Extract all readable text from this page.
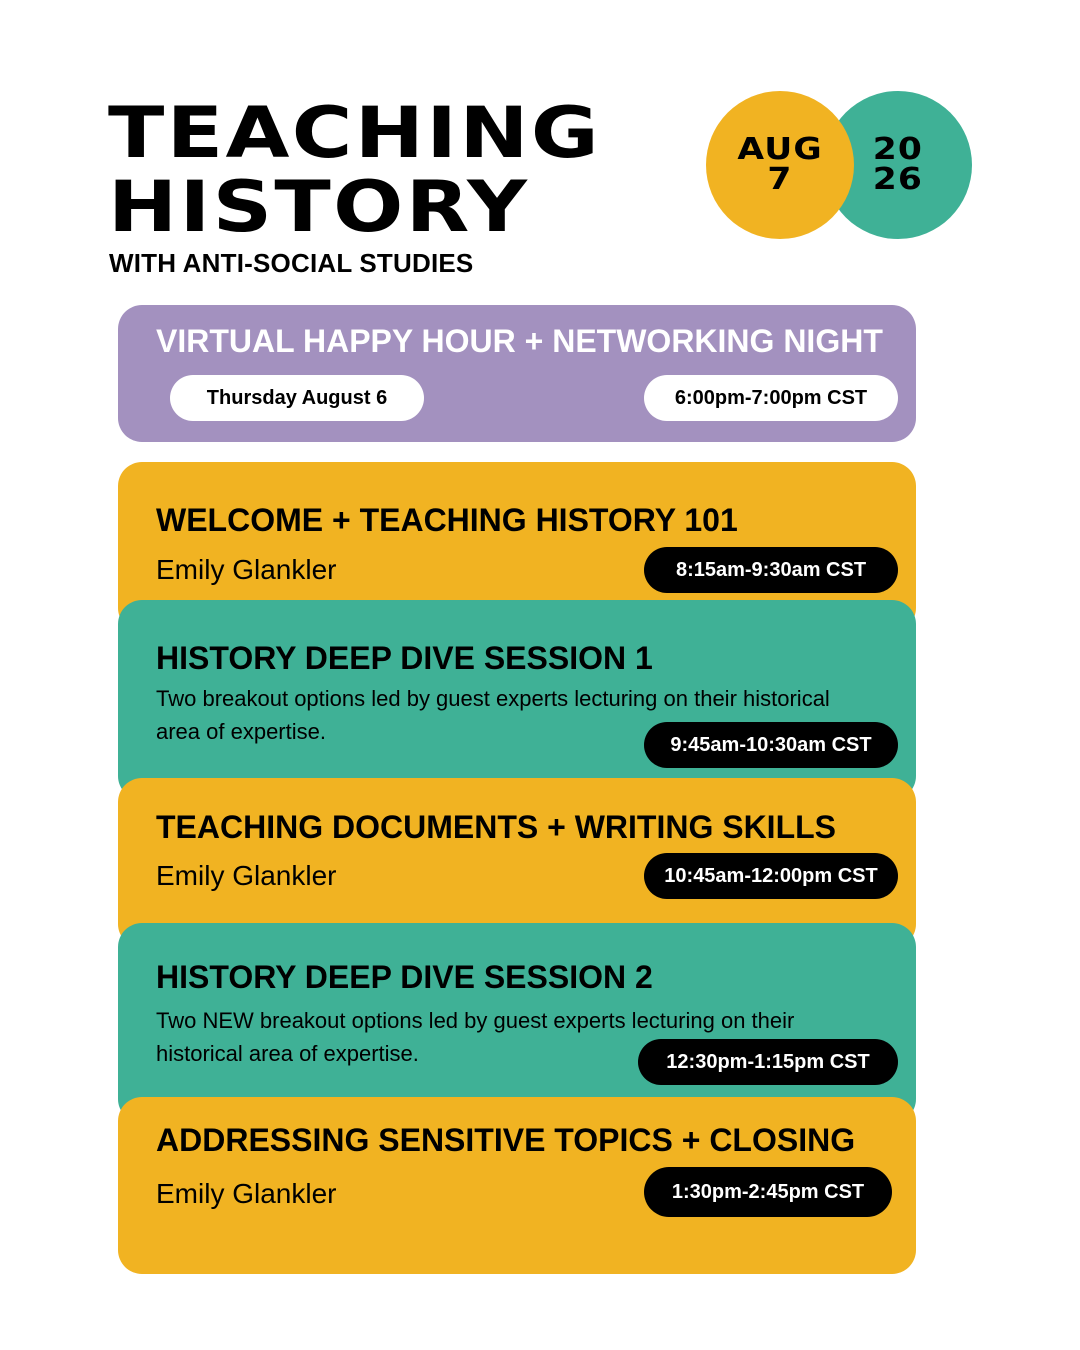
TEACHING
HISTORY
WITH ANTI-SOCIAL STUDIES
20
26
AUG
7
VIRTUAL HAPPY HOUR + NETWORKING NIGHT
Thursday August 6	6:00pm-7:00pm CST
WELCOME + TEACHING HISTORY 101
Emily Glankler	8:15am-9:30am CST
HISTORY DEEP DIVE SESSION 1
Two breakout options led by guest experts lecturing on their historical area of expertise.
9:45am-10:30am CST
TEACHING DOCUMENTS + WRITING SKILLS
Emily Glankler	10:45am-12:00pm CST
HISTORY DEEP DIVE SESSION 2
Two NEW breakout options led by guest experts lecturing on their historical area of expertise.	12:30pm-1:15pm CST
ADDRESSING SENSITIVE TOPICS + CLOSING
Emily Glankler	1:30pm-2:45pm CST
